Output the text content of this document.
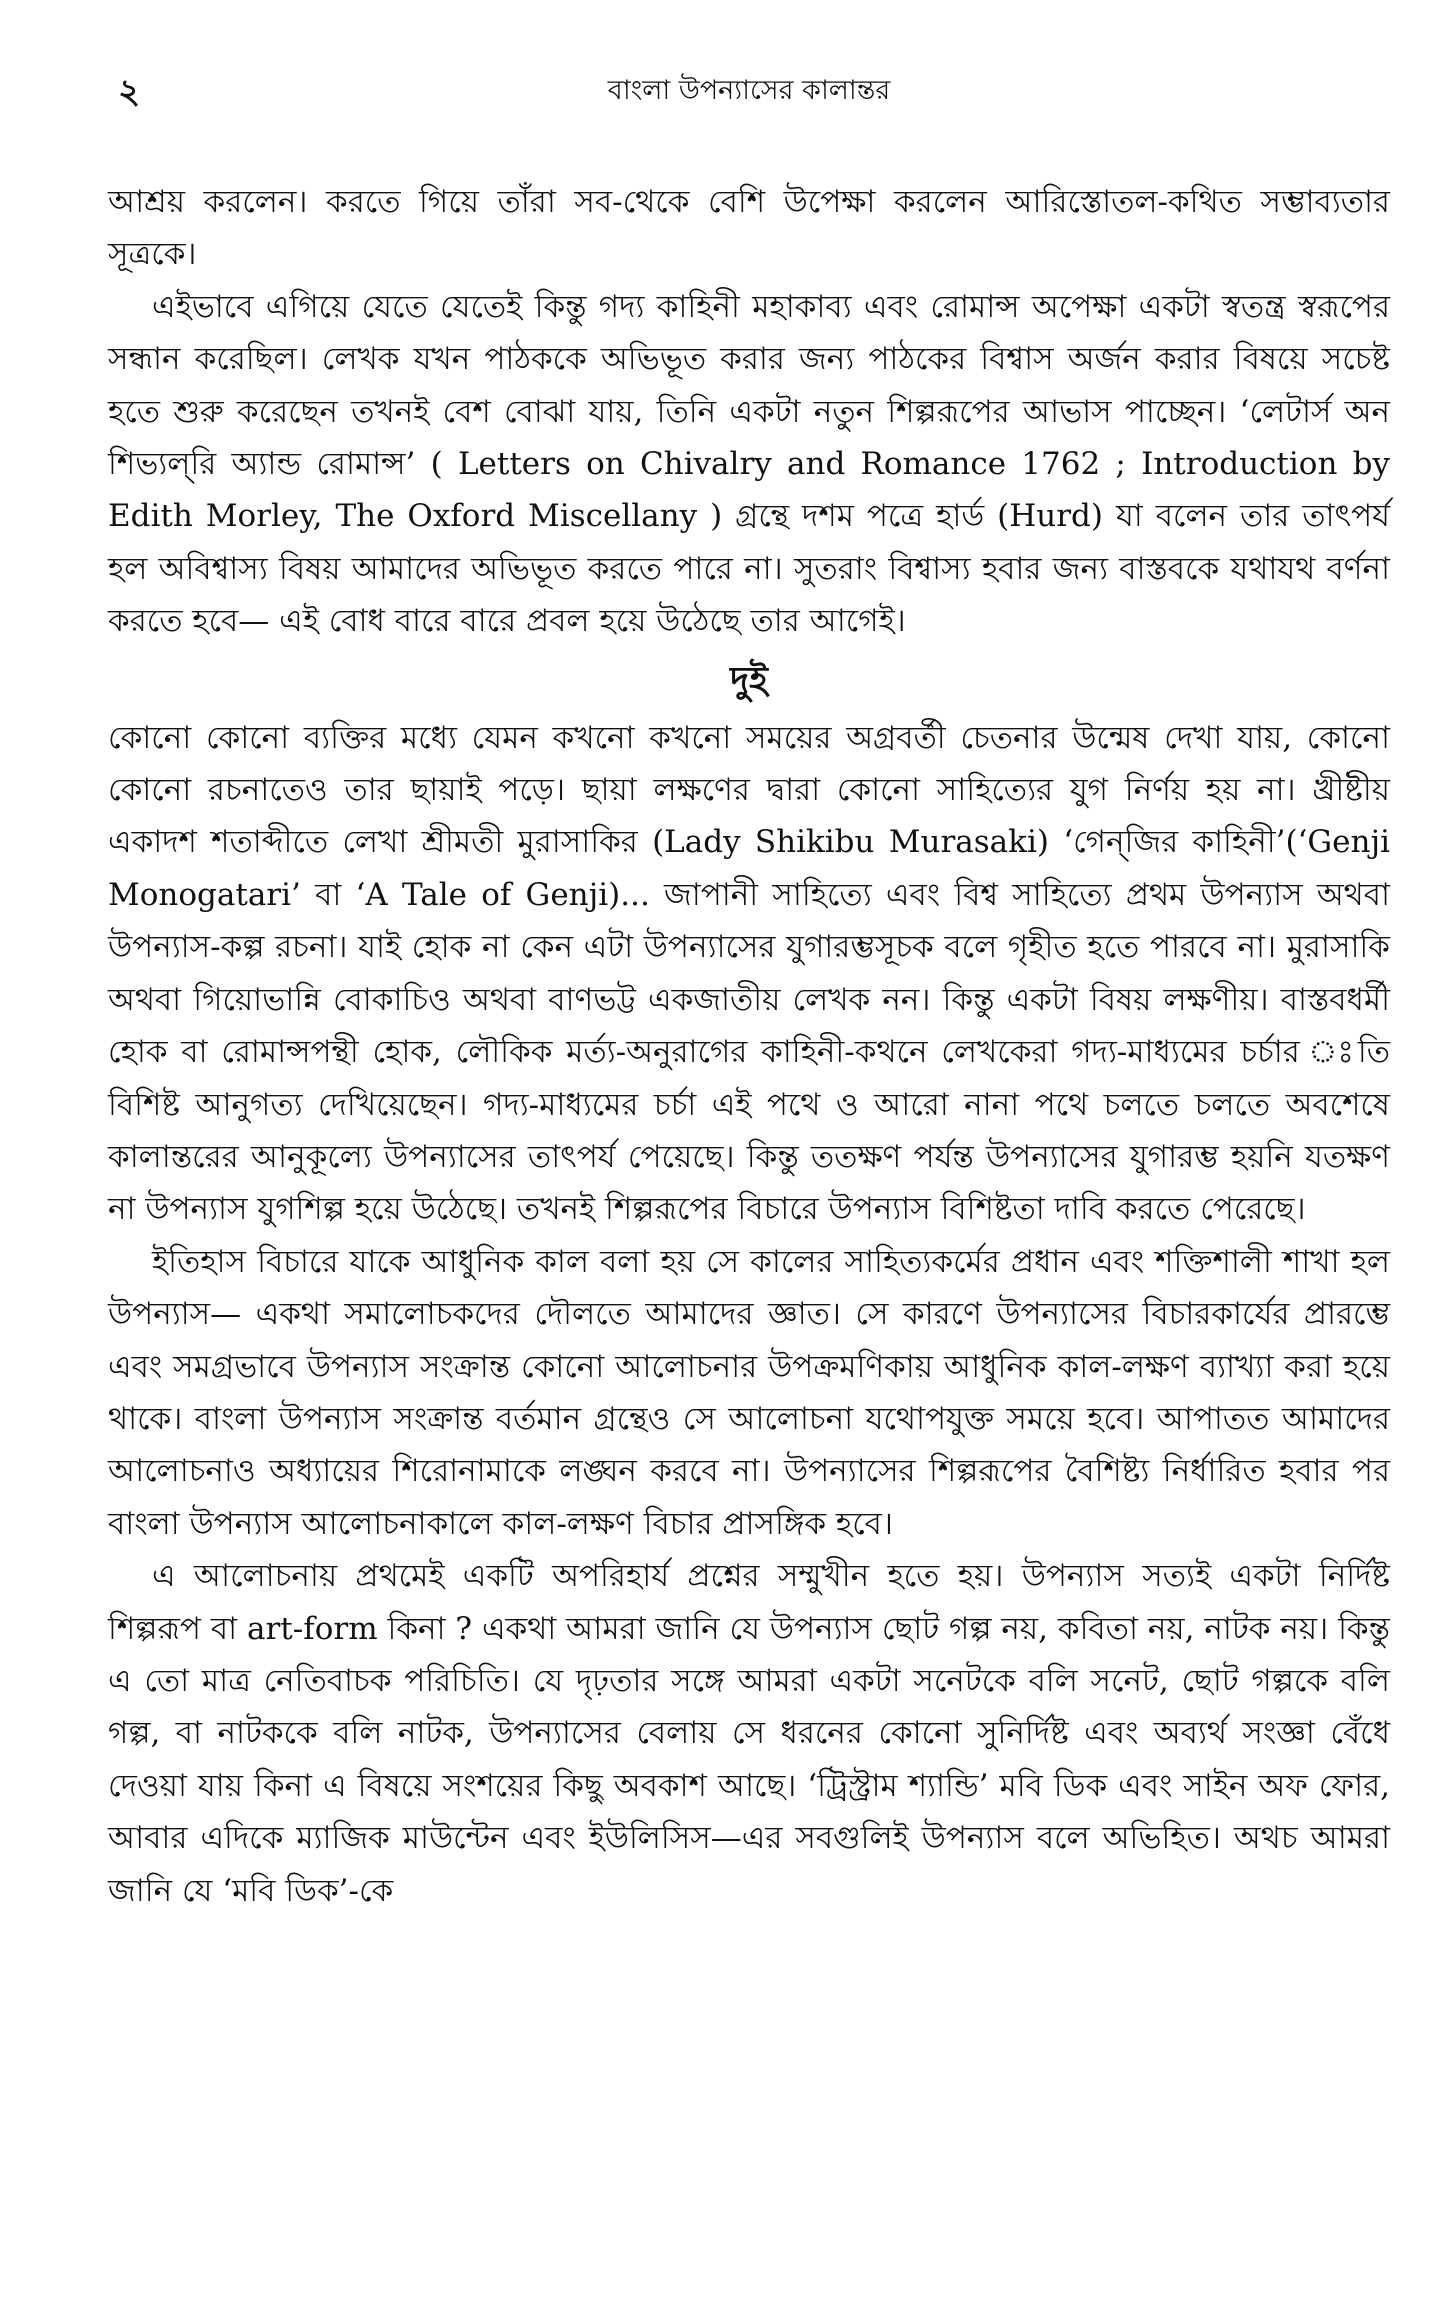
২	বাংলা উপন্যাসের কালান্তর

আশ্রয় করলেন। করতে গিয়ে তাঁরা সব-থেকে বেশি উপেক্ষা করলেন আরিস্তোতল-কথিত সম্ভাব্যতার সূত্রকে।

এইভাবে এগিয়ে যেতে যেতেই কিন্তু গদ্য কাহিনী মহাকাব্য এবং রোমান্স অপেক্ষা একটা স্বতন্ত্র স্বরূপের সন্ধান করেছিল। লেখক যখন পাঠককে অভিভূত করার জন্য পাঠকের বিশ্বাস অর্জন করার বিষয়ে সচেষ্ট হতে শুরু করেছেন তখনই বেশ বোঝা যায়, তিনি একটা নতুন শিল্পরূপের আভাস পাচ্ছেন। ‘লেটার্স অন শিভ্যল্‌রি অ্যান্ড রোমান্স’ ( Letters on Chivalry and Romance 1762 ; Introduction by Edith Morley, The Oxford Miscellany ) গ্রন্থে দশম পত্রে হার্ড (Hurd) যা বলেন তার তাৎপর্য হল অবিশ্বাস্য বিষয় আমাদের অভিভূত করতে পারে না। সুতরাং বিশ্বাস্য হবার জন্য বাস্তবকে যথাযথ বর্ণনা করতে হবে— এই বোধ বারে বারে প্রবল হয়ে উঠেছে তার আগেই।

দুই

কোনো কোনো ব্যক্তির মধ্যে যেমন কখনো কখনো সময়ের অগ্রবর্তী চেতনার উন্মেষ দেখা যায়, কোনো কোনো রচনাতেও তার ছায়াই পড়ে। ছায়া লক্ষণের দ্বারা কোনো সাহিত্যের যুগ নির্ণয় হয় না। খ্রীষ্টীয় একাদশ শতাব্দীতে লেখা শ্রীমতী মুরাসাকির (Lady Shikibu Murasaki) ‘গেন্‌জির কাহিনী’(‘Genji Monogatari’ বা ‘A Tale of Genji)... জাপানী সাহিত্যে এবং বিশ্ব সাহিত্যে প্রথম উপন্যাস অথবা উপন্যাস-কল্প রচনা। যাই হোক না কেন এটা উপন্যাসের যুগারম্ভসূচক বলে গৃহীত হতে পারবে না। মুরাসাকি অথবা গিয়োভান্নি বোকাচিও অথবা বাণভট্ট একজাতীয় লেখক নন। কিন্তু একটা বিষয় লক্ষণীয়। বাস্তবধর্মী হোক বা রোমান্সপন্থী হোক, লৌকিক মর্ত্য-অনুরাগের কাহিনী-কথনে লেখকেরা গদ্য-মাধ্যমের চর্চার ঃতি বিশিষ্ট আনুগত্য দেখিয়েছেন। গদ্য-মাধ্যমের চর্চা এই পথে ও আরো নানা পথে চলতে চলতে অবশেষে কালান্তরের আনুকূল্যে উপন্যাসের তাৎপর্য পেয়েছে। কিন্তু ততক্ষণ পর্যন্ত উপন্যাসের যুগারম্ভ হয়নি যতক্ষণ না উপন্যাস যুগশিল্প হয়ে উঠেছে। তখনই শিল্পরূপের বিচারে উপন্যাস বিশিষ্টতা দাবি করতে পেরেছে।

ইতিহাস বিচারে যাকে আধুনিক কাল বলা হয় সে কালের সাহিত্যকর্মের প্রধান এবং শক্তিশালী শাখা হল উপন্যাস— একথা সমালোচকদের দৌলতে আমাদের জ্ঞাত। সে কারণে উপন্যাসের বিচারকার্যের প্রারম্ভে এবং সমগ্রভাবে উপন্যাস সংক্রান্ত কোনো আলোচনার উপক্রমণিকায় আধুনিক কাল-লক্ষণ ব্যাখ্যা করা হয়ে থাকে। বাংলা উপন্যাস সংক্রান্ত বর্তমান গ্রন্থেও সে আলোচনা যথোপযুক্ত সময়ে হবে। আপাতত আমাদের আলোচনাও অধ্যায়ের শিরোনামাকে লঙ্ঘন করবে না। উপন্যাসের শিল্পরূপের বৈশিষ্ট্য নির্ধারিত হবার পর বাংলা উপন্যাস আলোচনাকালে কাল-লক্ষণ বিচার প্রাসঙ্গিক হবে।

এ আলোচনায় প্রথমেই একটি অপরিহার্য প্রশ্নের সম্মুখীন হতে হয়। উপন্যাস সত্যই একটা নির্দিষ্ট শিল্পরূপ বা art-form কিনা ? একথা আমরা জানি যে উপন্যাস ছোট গল্প নয়, কবিতা নয়, নাটক নয়। কিন্তু এ তো মাত্র নেতিবাচক পরিচিতি। যে দৃঢ়তার সঙ্গে আমরা একটা সনেটকে বলি সনেট, ছোট গল্পকে বলি গল্প, বা নাটককে বলি নাটক, উপন্যাসের বেলায় সে ধরনের কোনো সুনির্দিষ্ট এবং অব্যর্থ সংজ্ঞা বেঁধে দেওয়া যায় কিনা এ বিষয়ে সংশয়ের কিছু অবকাশ আছে। ‘ট্রিস্ট্রাম শ্যান্ডি’ মবি ডিক এবং সাইন অফ ফোর, আবার এদিকে ম্যাজিক মাউন্টেন এবং ইউলিসিস—এর সবগুলিই উপন্যাস বলে অভিহিত। অথচ আমরা জানি যে ‘মবি ডিক’-কে
